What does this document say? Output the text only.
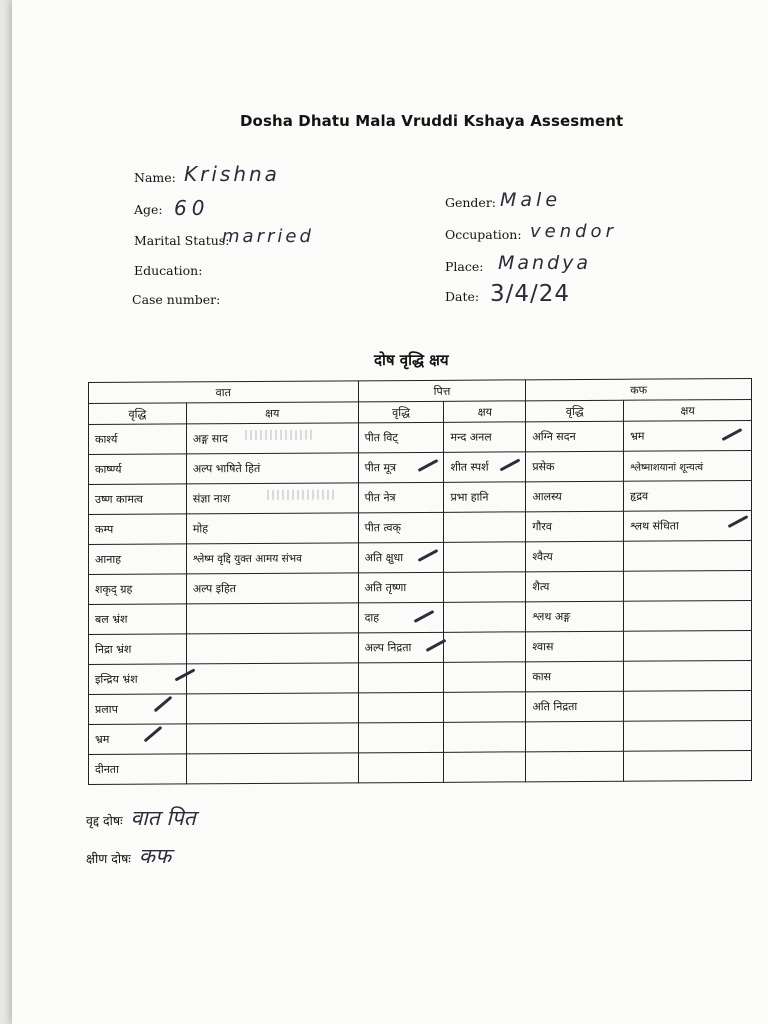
Dosha Dhatu Mala Vruddi Kshaya Assesment
Name: Krishna
Age: 60
Marital Status:
married
Education:
Case number:
Gender: Male
Occupation: vendor
Place: Mandya
Date: 3/4/24
दोष वृद्धि क्षय
वात		पित्त		कफ	
वृद्धि	क्षय	वृद्धि	क्षय	वृद्धि	क्षय
कार्श्य	अङ्ग साद	पीत विट्	मन्द अनल	अग्नि सदन	भ्रम

कार्ष्ण्य	अल्प भाषिते हितं	पीत मूत्र	शीत स्पर्श	प्रसेक	श्लेष्माशयानां शून्यत्वं
उष्ण कामत्व	संज्ञा नाश	पीत नेत्र	प्रभा हानि	आलस्य	हृद्रव
कम्प	मोह	पीत त्वक्		गौरव	श्लथ संधिता

आनाह	श्लेष्म वृद्दि युक्त आमय संभव	अति क्षुधा		श्वैत्य	
शकृद् ग्रह	अल्प इहित	अति तृष्णा		शैत्य	
बल भ्रंश		दाह		श्लथ अङ्ग	
निद्रा भ्रंश		अल्प निद्रता		श्वास	
इन्द्रिय भ्रंश				कास	
प्रलाप				अति निद्रता	
भ्रम

दीनता					
वृद्द दोषः वात पित
क्षीण दोषः कफ
